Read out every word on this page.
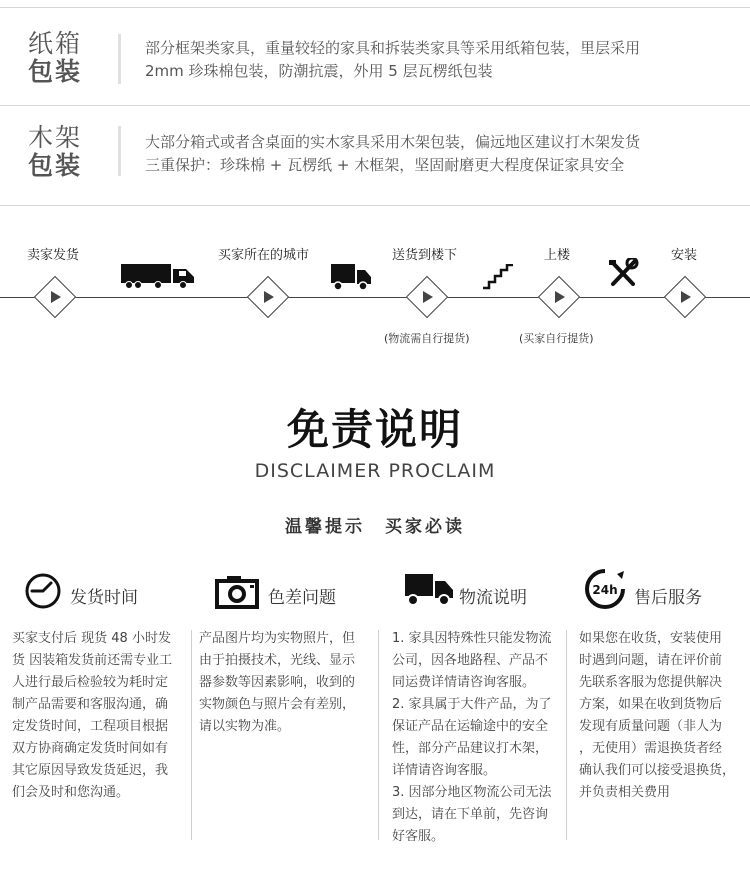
纸箱
包装
部分框架类家具，重量较轻的家具和拆装类家具等采用纸箱包装，里层采用
2mm 珍珠棉包装，防潮抗震，外用 5 层瓦楞纸包装
木架
包装
大部分箱式或者含桌面的实木家具采用木架包装，偏远地区建议打木架发货
三重保护：珍珠棉 + 瓦楞纸 + 木框架，坚固耐磨更大程度保证家具安全
卖家发货	买家所在的城市	送货到楼下	上楼	安装
(物流需自行提货)	(买家自行提货)
免责说明
DISCLAIMER PROCLAIM
温馨提示　买家必读
发货时间
买家支付后 现货 48 小时发
货 因装箱发货前还需专业工
人进行最后检验较为耗时定
制产品需要和客服沟通，确
定发货时间，工程项目根据
双方协商确定发货时间如有
其它原因导致发货延迟，我
们会及时和您沟通。
色差问题
产品图片均为实物照片，但
由于拍摄技术，光线、显示
器参数等因素影响，收到的
实物颜色与照片会有差别，
请以实物为准。
物流说明
1. 家具因特殊性只能发物流
公司，因各地路程、产品不
同运费详情请咨询客服。
2. 家具属于大件产品，为了
保证产品在运输途中的安全
性，部分产品建议打木架，
详情请咨询客服。
3. 因部分地区物流公司无法
到达，请在下单前，先咨询
好客服。
24h 售后服务
如果您在收货，安装使用
时遇到问题，请在评价前
先联系客服为您提供解决
方案，如果在收到货物后
发现有质量问题（非人为
，无使用）需退换货者经
确认我们可以接受退换货，
并负责相关费用
